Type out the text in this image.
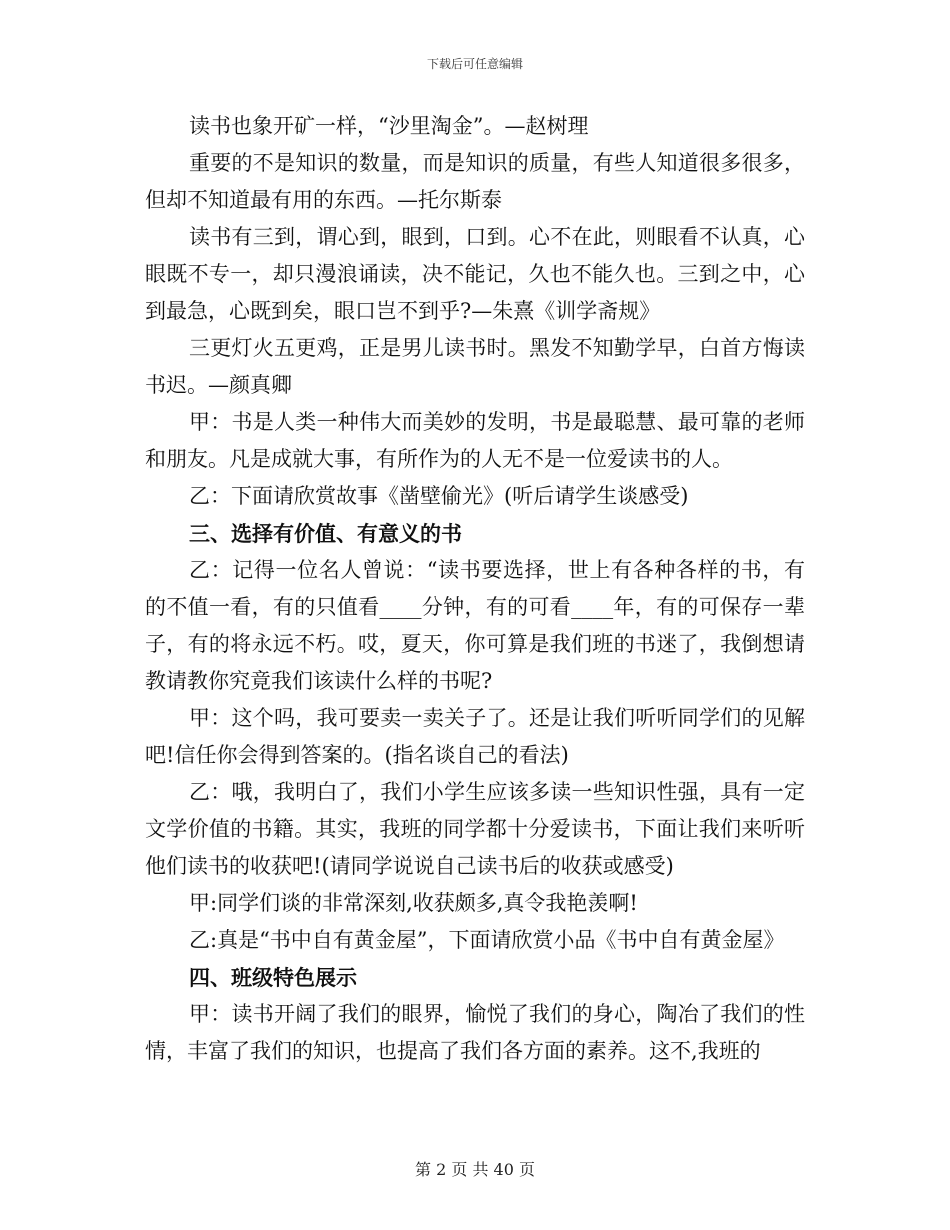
下载后可任意编辑

读书也象开矿一样，“沙里淘金”。—赵树理

重要的不是知识的数量，而是知识的质量，有些人知道很多很多，但却不知道最有用的东西。—托尔斯泰

读书有三到，谓心到，眼到，口到。心不在此，则眼看不认真，心眼既不专一，却只漫浪诵读，决不能记，久也不能久也。三到之中，心到最急，心既到矣，眼口岂不到乎?—朱熹《训学斋规》

三更灯火五更鸡，正是男儿读书时。黑发不知勤学早，白首方悔读书迟。—颜真卿

甲：书是人类一种伟大而美妙的发明，书是最聪慧、最可靠的老师和朋友。凡是成就大事，有所作为的人无不是一位爱读书的人。

乙：下面请欣赏故事《凿壁偷光》(听后请学生谈感受)

三、选择有价值、有意义的书

乙：记得一位名人曾说：“读书要选择，世上有各种各样的书，有的不值一看，有的只值看____分钟，有的可看____年，有的可保存一辈子，有的将永远不朽。哎，夏天，你可算是我们班的书迷了，我倒想请教请教你究竟我们该读什么样的书呢?

甲：这个吗，我可要卖一卖关子了。还是让我们听听同学们的见解吧!信任你会得到答案的。(指名谈自己的看法)

乙：哦，我明白了，我们小学生应该多读一些知识性强，具有一定文学价值的书籍。其实，我班的同学都十分爱读书，下面让我们来听听他们读书的收获吧!(请同学说说自己读书后的收获或感受)

甲:同学们谈的非常深刻,收获颇多,真令我艳羡啊!

乙:真是“书中自有黄金屋”，下面请欣赏小品《书中自有黄金屋》

四、班级特色展示

甲：读书开阔了我们的眼界，愉悦了我们的身心，陶冶了我们的性情，丰富了我们的知识，也提高了我们各方面的素养。这不,我班的

第 2 页 共 40 页
